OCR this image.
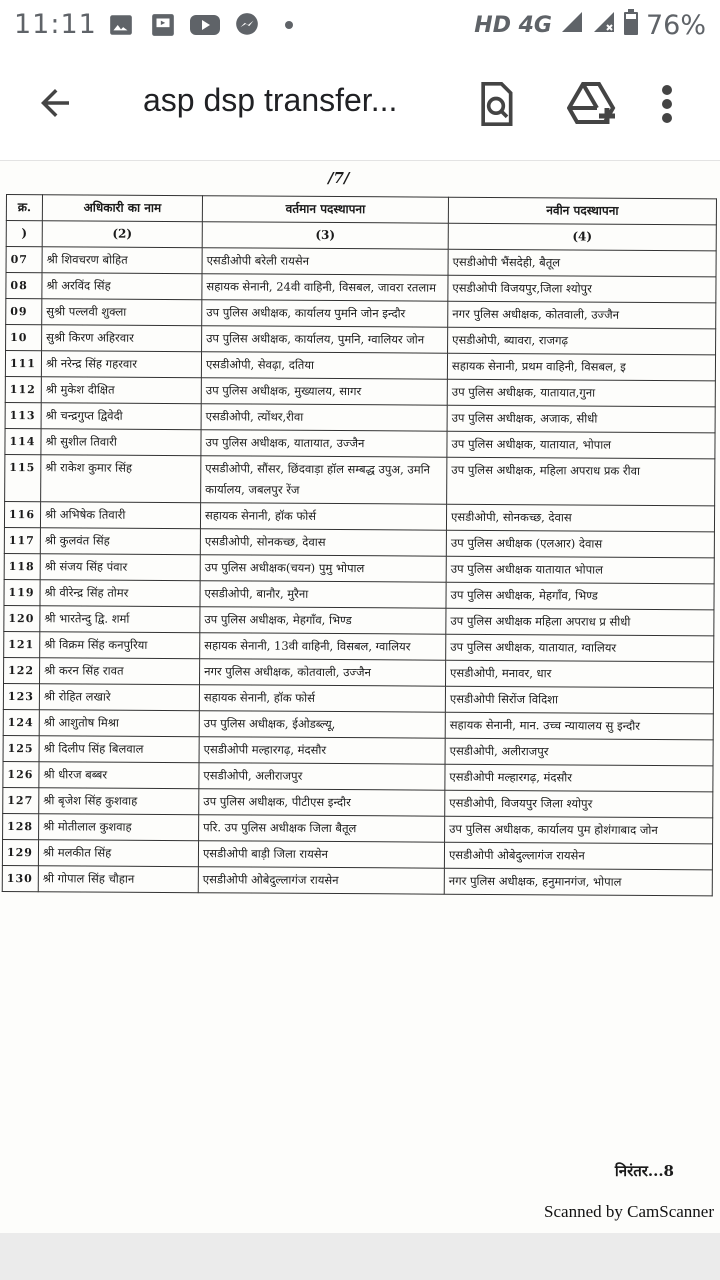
11:11	HD 4G	76%
asp dsp transfer...
/7/
क्र.	अधिकारी का नाम	वर्तमान पदस्थापना	नवीन पदस्थापना
)	(2)	(3)	(4)
07	श्री शिवचरण बोहित	एसडीओपी बरेली रायसेन	एसडीओपी भैंसदेही, बैतूल
08	श्री अरविंद सिंह	सहायक सेनानी, 24वी वाहिनी, विसबल, जावरा रतलाम	एसडीओपी विजयपुर,जिला श्योपुर
09	सुश्री पल्लवी शुक्ला	उप पुलिस अधीक्षक, कार्यालय पुमनि जोन इन्दौर	नगर पुलिस अधीक्षक, कोतवाली, उज्जैन
10	सुश्री किरण अहिरवार	उप पुलिस अधीक्षक, कार्यालय, पुमनि, ग्वालियर जोन	एसडीओपी, ब्यावरा, राजगढ़
111	श्री नरेन्द्र सिंह गहरवार	एसडीओपी, सेवढ़ा, दतिया	सहायक सेनानी, प्रथम वाहिनी, विसबल, इ
112	श्री मुकेश दीक्षित	उप पुलिस अधीक्षक, मुख्यालय, सागर	उप पुलिस अधीक्षक, यातायात,गुना
113	श्री चन्द्रगुप्त द्विवेदी	एसडीओपी, त्योंथर,रीवा	उप पुलिस अधीक्षक, अजाक, सीधी
114	श्री सुशील तिवारी	उप पुलिस अधीक्षक, यातायात, उज्जैन	उप पुलिस अधीक्षक, यातायात, भोपाल
115	श्री राकेश कुमार सिंह	एसडीओपी, सौंसर, छिंदवाड़ा हॉल सम्बद्ध उपुअ, उमनि कार्यालय, जबलपुर रेंज	उप पुलिस अधीक्षक, महिला अपराध प्रक रीवा
116	श्री अभिषेक तिवारी	सहायक सेनानी, हॉक फोर्स	एसडीओपी, सोनकच्छ, देवास
117	श्री कुलवंत सिंह	एसडीओपी, सोनकच्छ, देवास	उप पुलिस अधीक्षक (एलआर) देवास
118	श्री संजय सिंह पंवार	उप पुलिस अधीक्षक(चयन) पुमु भोपाल	उप पुलिस अधीक्षक यातायात भोपाल
119	श्री वीरेन्द्र सिंह तोमर	एसडीओपी, बानौर, मुरैना	उप पुलिस अधीक्षक, मेहगाँव, भिण्ड
120	श्री भारतेन्दु द्वि. शर्मा	उप पुलिस अधीक्षक, मेहगाँव, भिण्ड	उप पुलिस अधीक्षक महिला अपराध प्र सीधी
121	श्री विक्रम सिंह कनपुरिया	सहायक सेनानी, 13वी वाहिनी, विसबल, ग्वालियर	उप पुलिस अधीक्षक, यातायात, ग्वालियर
122	श्री करन सिंह रावत	नगर पुलिस अधीक्षक, कोतवाली, उज्जैन	एसडीओपी, मनावर, धार
123	श्री रोहित लखारे	सहायक सेनानी, हॉक फोर्स	एसडीओपी सिरोंज विदिशा
124	श्री आशुतोष मिश्रा	उप पुलिस अधीक्षक, ईओडब्ल्यू,	सहायक सेनानी, मान. उच्च न्यायालय सु इन्दौर
125	श्री दिलीप सिंह बिलवाल	एसडीओपी मल्हारगढ़, मंदसौर	एसडीओपी, अलीराजपुर
126	श्री धीरज बब्बर	एसडीओपी, अलीराजपुर	एसडीओपी मल्हारगढ़, मंदसौर
127	श्री बृजेश सिंह कुशवाह	उप पुलिस अधीक्षक, पीटीएस इन्दौर	एसडीओपी, विजयपुर जिला श्योपुर
128	श्री मोतीलाल कुशवाह	परि. उप पुलिस अधीक्षक जिला बैतूल	उप पुलिस अधीक्षक, कार्यालय पुम होशंगाबाद जोन
129	श्री मलकीत सिंह	एसडीओपी बाड़ी जिला रायसेन	एसडीओपी ओबेदुल्लागंज रायसेन
130	श्री गोपाल सिंह चौहान	एसडीओपी ओबेदुल्लागंज रायसेन	नगर पुलिस अधीक्षक, हनुमानगंज, भोपाल
निरंतर...8
Scanned by CamScanner
